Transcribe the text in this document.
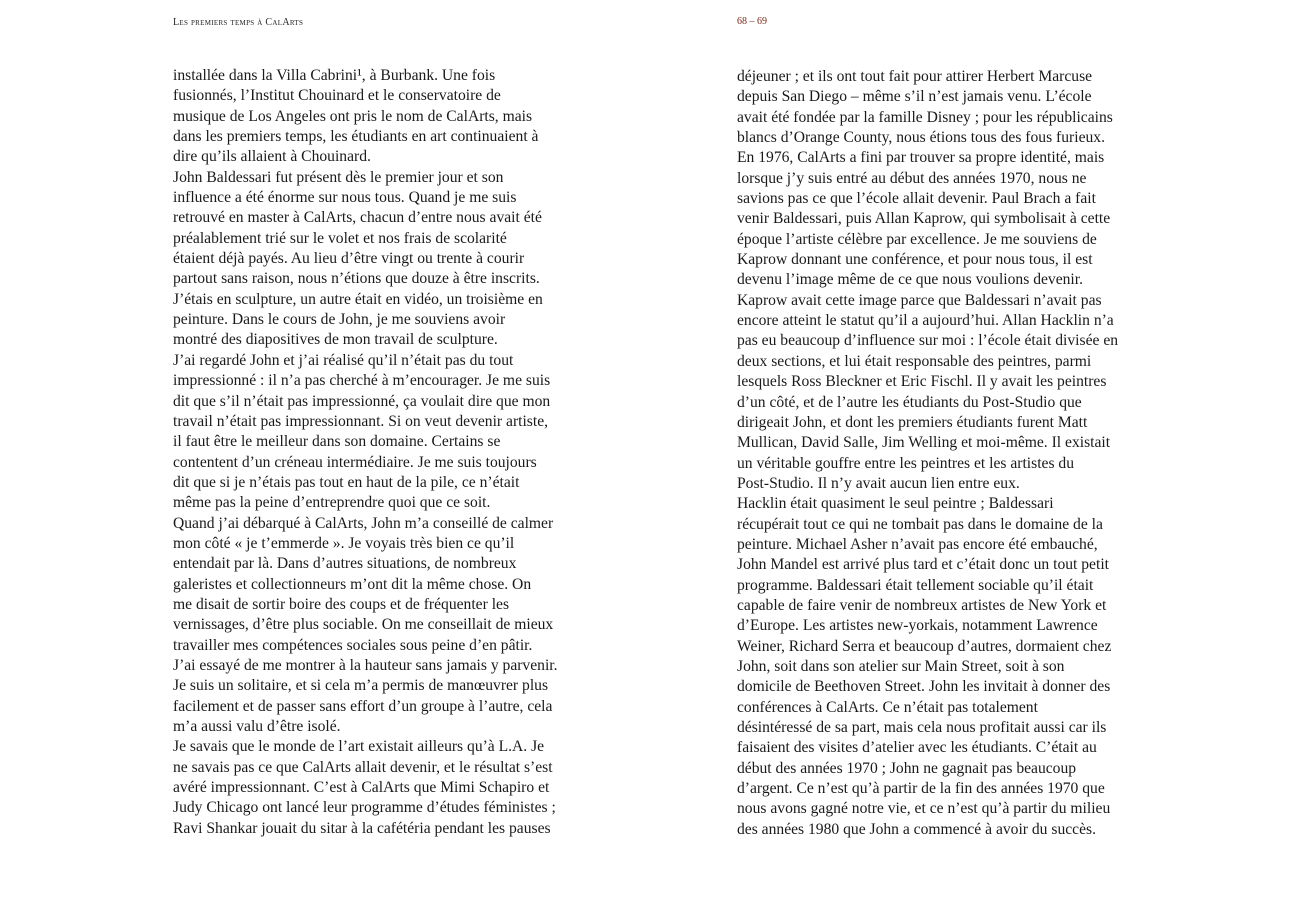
Les premiers temps à CalArts	68 – 69
installée dans la Villa Cabrini¹, à Burbank. Une fois
fusionnés, l’Institut Chouinard et le conservatoire de
musique de Los Angeles ont pris le nom de CalArts, mais
dans les premiers temps, les étudiants en art continuaient à
dire qu’ils allaient à Chouinard.
John Baldessari fut présent dès le premier jour et son
influence a été énorme sur nous tous. Quand je me suis
retrouvé en master à CalArts, chacun d’entre nous avait été
préalablement trié sur le volet et nos frais de scolarité
étaient déjà payés. Au lieu d’être vingt ou trente à courir
partout sans raison, nous n’étions que douze à être inscrits.
J’étais en sculpture, un autre était en vidéo, un troisième en
peinture. Dans le cours de John, je me souviens avoir
montré des diapositives de mon travail de sculpture.
J’ai regardé John et j’ai réalisé qu’il n’était pas du tout
impressionné : il n’a pas cherché à m’encourager. Je me suis
dit que s’il n’était pas impressionné, ça voulait dire que mon
travail n’était pas impressionnant. Si on veut devenir artiste,
il faut être le meilleur dans son domaine. Certains se
contentent d’un créneau intermédiaire. Je me suis toujours
dit que si je n’étais pas tout en haut de la pile, ce n’était
même pas la peine d’entreprendre quoi que ce soit.
Quand j’ai débarqué à CalArts, John m’a conseillé de calmer
mon côté « je t’emmerde ». Je voyais très bien ce qu’il
entendait par là. Dans d’autres situations, de nombreux
galeristes et collectionneurs m’ont dit la même chose. On
me disait de sortir boire des coups et de fréquenter les
vernissages, d’être plus sociable. On me conseillait de mieux
travailler mes compétences sociales sous peine d’en pâtir.
J’ai essayé de me montrer à la hauteur sans jamais y parvenir.
Je suis un solitaire, et si cela m’a permis de manœuvrer plus
facilement et de passer sans effort d’un groupe à l’autre, cela
m’a aussi valu d’être isolé.
Je savais que le monde de l’art existait ailleurs qu’à L.A. Je
ne savais pas ce que CalArts allait devenir, et le résultat s’est
avéré impressionnant. C’est à CalArts que Mimi Schapiro et
Judy Chicago ont lancé leur programme d’études féministes ;
Ravi Shankar jouait du sitar à la cafétéria pendant les pauses
déjeuner ; et ils ont tout fait pour attirer Herbert Marcuse
depuis San Diego – même s’il n’est jamais venu. L’école
avait été fondée par la famille Disney ; pour les républicains
blancs d’Orange County, nous étions tous des fous furieux.
En 1976, CalArts a fini par trouver sa propre identité, mais
lorsque j’y suis entré au début des années 1970, nous ne
savions pas ce que l’école allait devenir. Paul Brach a fait
venir Baldessari, puis Allan Kaprow, qui symbolisait à cette
époque l’artiste célèbre par excellence. Je me souviens de
Kaprow donnant une conférence, et pour nous tous, il est
devenu l’image même de ce que nous voulions devenir.
Kaprow avait cette image parce que Baldessari n’avait pas
encore atteint le statut qu’il a aujourd’hui. Allan Hacklin n’a
pas eu beaucoup d’influence sur moi : l’école était divisée en
deux sections, et lui était responsable des peintres, parmi
lesquels Ross Bleckner et Eric Fischl. Il y avait les peintres
d’un côté, et de l’autre les étudiants du Post-Studio que
dirigeait John, et dont les premiers étudiants furent Matt
Mullican, David Salle, Jim Welling et moi-même. Il existait
un véritable gouffre entre les peintres et les artistes du
Post-Studio. Il n’y avait aucun lien entre eux.
Hacklin était quasiment le seul peintre ; Baldessari
récupérait tout ce qui ne tombait pas dans le domaine de la
peinture. Michael Asher n’avait pas encore été embauché,
John Mandel est arrivé plus tard et c’était donc un tout petit
programme. Baldessari était tellement sociable qu’il était
capable de faire venir de nombreux artistes de New York et
d’Europe. Les artistes new-yorkais, notamment Lawrence
Weiner, Richard Serra et beaucoup d’autres, dormaient chez
John, soit dans son atelier sur Main Street, soit à son
domicile de Beethoven Street. John les invitait à donner des
conférences à CalArts. Ce n’était pas totalement
désintéressé de sa part, mais cela nous profitait aussi car ils
faisaient des visites d’atelier avec les étudiants. C’était au
début des années 1970 ; John ne gagnait pas beaucoup
d’argent. Ce n’est qu’à partir de la fin des années 1970 que
nous avons gagné notre vie, et ce n’est qu’à partir du milieu
des années 1980 que John a commencé à avoir du succès.
